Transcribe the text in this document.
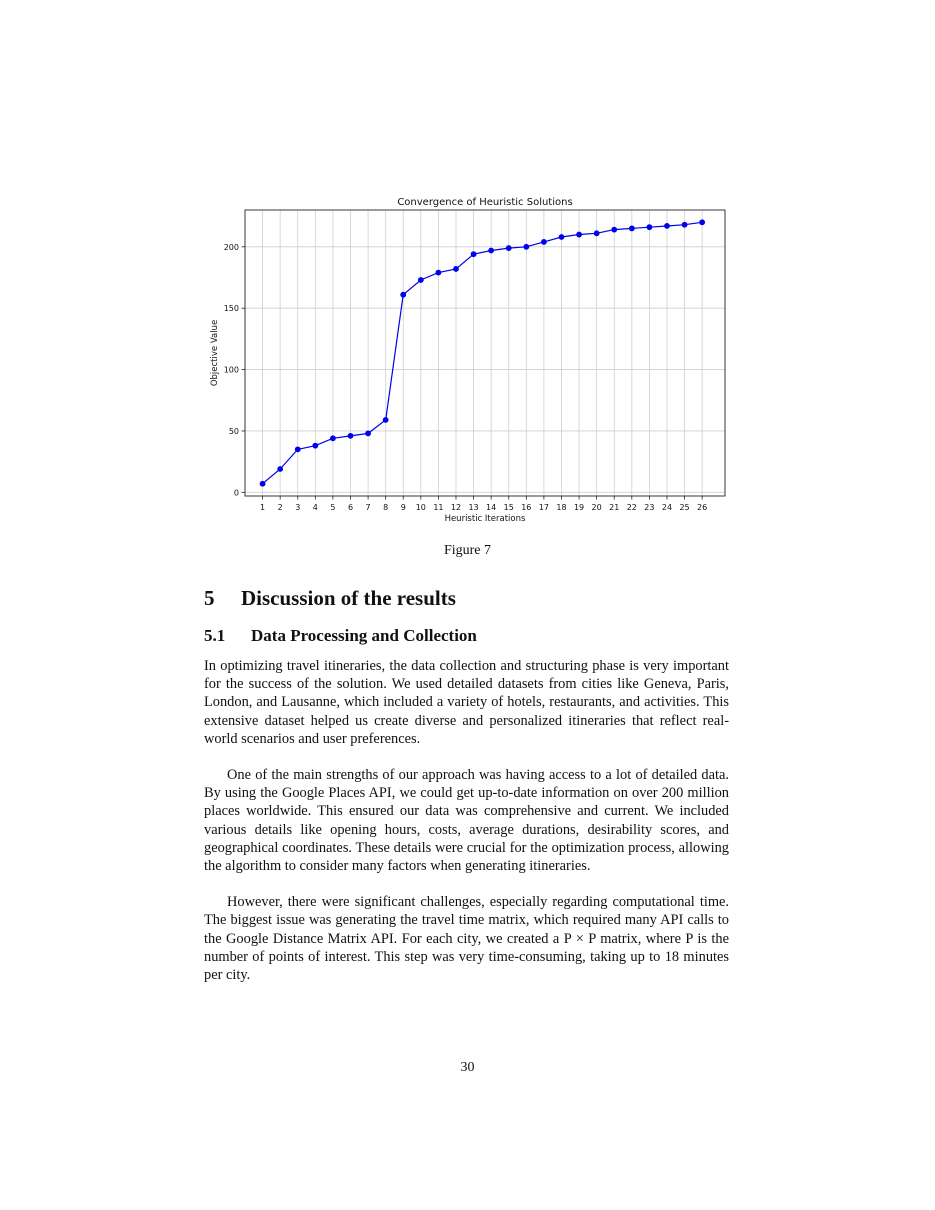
Convergence of Heuristic Solutions
0
50
100
150
200
1 2 3 4 5 6 7 8 9 10 11 12 13 14 15 16 17 18 19 20 21 22 23 24 25 26
Heuristic Iterations
Objective Value
Figure 7
5 Discussion of the results
5.1 Data Processing and Collection

In optimizing travel itineraries, the data collection and structuring phase is very important for the success of the solution. We used detailed datasets from cities like Geneva, Paris, London, and Lausanne, which included a variety of hotels, restaurants, and activities. This extensive dataset helped us create diverse and personalized itineraries that reflect real-world scenarios and user preferences.

One of the main strengths of our approach was having access to a lot of detailed data. By using the Google Places API, we could get up-to-date information on over 200 million places worldwide. This ensured our data was comprehensive and current. We included various details like opening hours, costs, average durations, desirability scores, and geographical coordinates. These details were crucial for the optimization process, allowing the algorithm to consider many factors when generating itineraries.

However, there were significant challenges, especially regarding computational time. The biggest issue was generating the travel time matrix, which required many API calls to the Google Distance Matrix API. For each city, we created a P × P matrix, where P is the number of points of interest. This step was very time-consuming, taking up to 18 minutes per city.

30
